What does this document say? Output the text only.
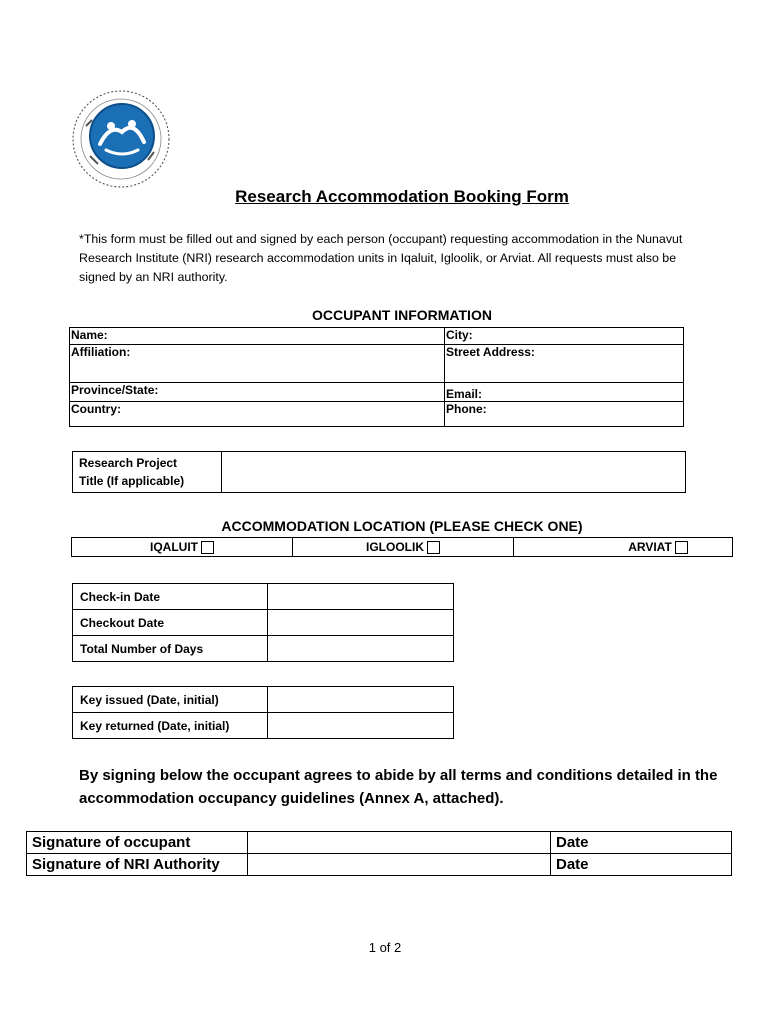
Research Accommodation Booking Form
*This form must be filled out and signed by each person (occupant) requesting accommodation in the Nunavut Research Institute (NRI) research accommodation units in Iqaluit, Igloolik, or Arviat. All requests must also be signed by an NRI authority.
OCCUPANT INFORMATION
Name:	City:
Affiliation:	Street Address:
Province/State:	Email:
Country:	Phone:
Research Project
Title (If applicable)

ACCOMMODATION LOCATION (PLEASE CHECK ONE)
IQALUIT	IGLOOLIK	ARVIAT
Check-in Date	
Checkout Date	
Total Number of Days	
Key issued (Date, initial)	
Key returned (Date, initial)	
By signing below the occupant agrees to abide by all terms and conditions detailed in the accommodation occupancy guidelines (Annex A, attached).
Signature of occupant		Date
Signature of NRI Authority		Date
1 of 2
